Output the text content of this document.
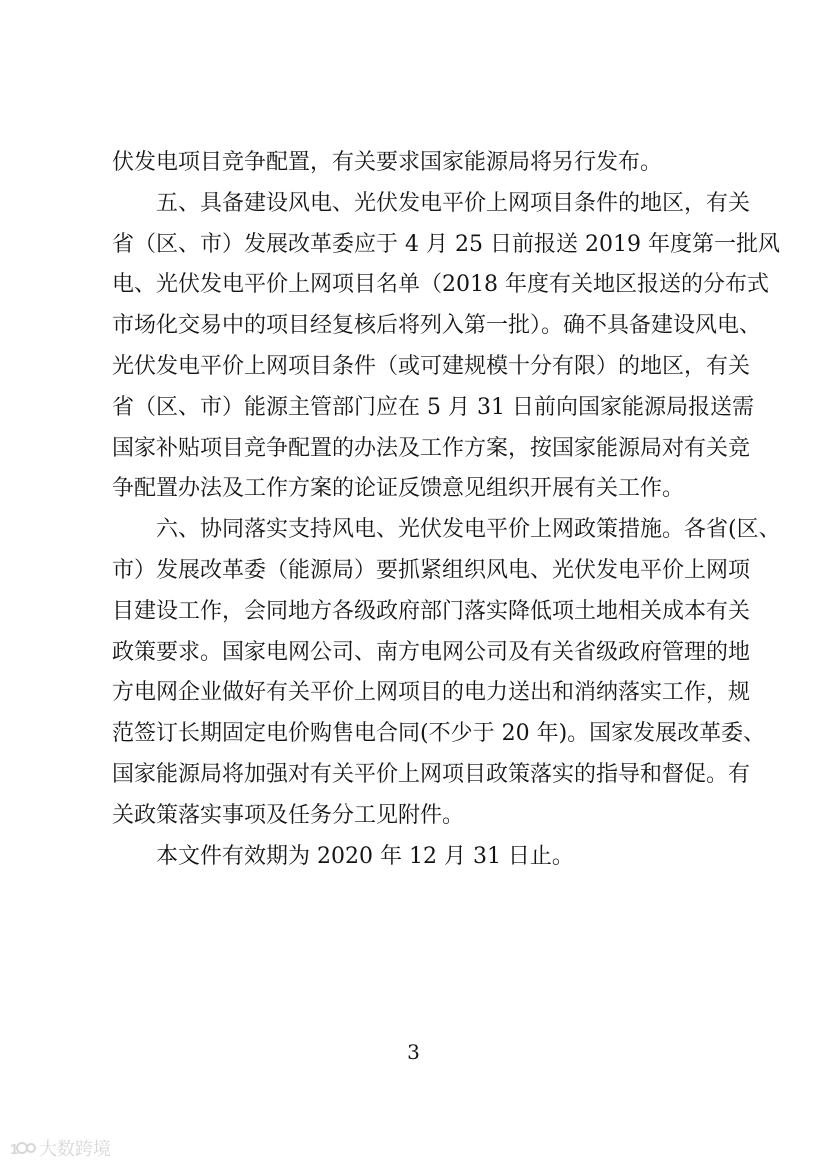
伏发电项目竞争配置，有关要求国家能源局将另行发布。
五、具备建设风电、光伏发电平价上网项目条件的地区，有关
省（区、市）发展改革委应于 4 月 25 日前报送 2019 年度第一批风
电、光伏发电平价上网项目名单（2018 年度有关地区报送的分布式
市场化交易中的项目经复核后将列入第一批）。确不具备建设风电、
光伏发电平价上网项目条件（或可建规模十分有限）的地区，有关
省（区、市）能源主管部门应在 5 月 31 日前向国家能源局报送需
国家补贴项目竞争配置的办法及工作方案，按国家能源局对有关竞
争配置办法及工作方案的论证反馈意见组织开展有关工作。
六、协同落实支持风电、光伏发电平价上网政策措施。各省(区、
市）发展改革委（能源局）要抓紧组织风电、光伏发电平价上网项
目建设工作，会同地方各级政府部门落实降低项土地相关成本有关
政策要求。国家电网公司、南方电网公司及有关省级政府管理的地
方电网企业做好有关平价上网项目的电力送出和消纳落实工作，规
范签订长期固定电价购售电合同(不少于 20 年)。国家发展改革委、
国家能源局将加强对有关平价上网项目政策落实的指导和督促。有
关政策落实事项及任务分工见附件。
本文件有效期为 2020 年 12 月 31 日止。
3
1 大数跨境
